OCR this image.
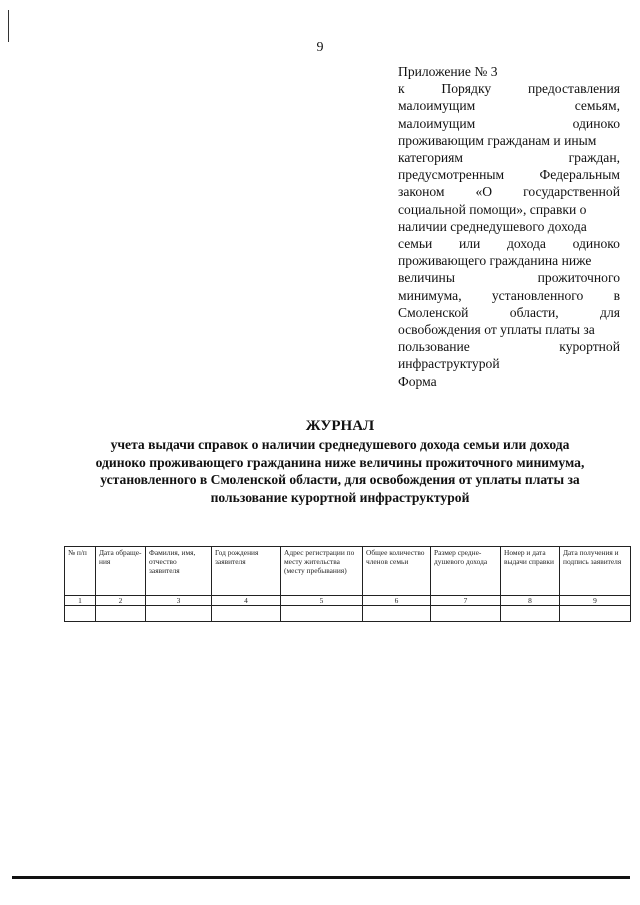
9
Приложение № 3
к	Порядку	предоставления
малоимущим	семьям,
малоимущим	одиноко
проживающим гражданам и иным
категориям	граждан,
предусмотренным	Федеральным
законом «О государственной
социальной помощи», справки о
наличии среднедушевого дохода
семьи или дохода одиноко
проживающего гражданина ниже
величины	прожиточного
минимума, установленного в
Смоленской	области,	для
освобождения от уплаты платы за
пользование	курортной
инфраструктурой
Форма
ЖУРНАЛ
учета выдачи справок о наличии среднедушевого дохода семьи или дохода
одиноко проживающего гражданина ниже величины прожиточного минимума,
установленного в Смоленской области, для освобождения от уплаты платы за
пользование курортной инфраструктурой
№ п/п	Дата обраще-ния	Фамилия, имя, отчество заявителя	Год рождения заявителя	Адрес регистрации по месту жительства (месту пребывания)	Общее количество членов семьи	Размер средне-душевого дохода	Номер и дата выдачи справки	Дата получения и подпись заявителя
1	2	3	4	5	6	7	8	9
